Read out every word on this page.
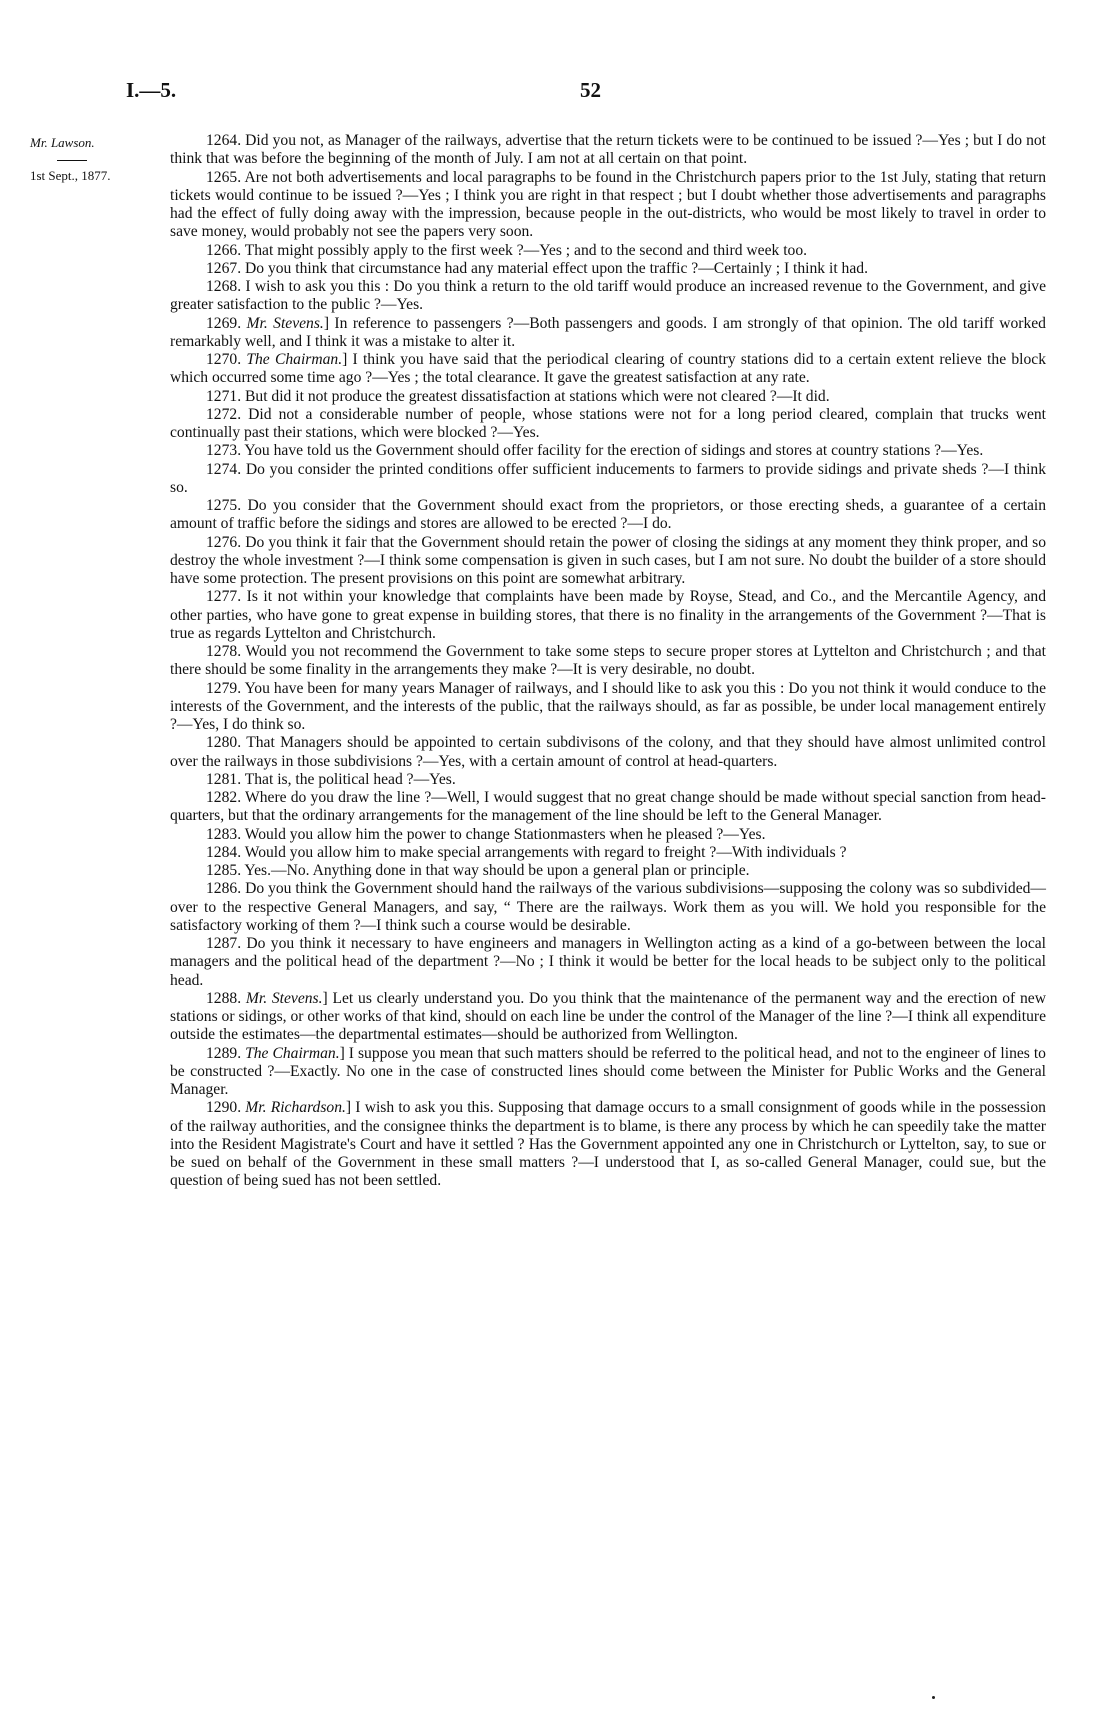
I.—5.	52
Mr. Lawson.
1st Sept., 1877.

1264. Did you not, as Manager of the railways, advertise that the return tickets were to be continued to be issued ?—Yes ; but I do not think that was before the beginning of the month of July. I am not at all certain on that point.

1265. Are not both advertisements and local paragraphs to be found in the Christchurch papers prior to the 1st July, stating that return tickets would continue to be issued ?—Yes ; I think you are right in that respect ; but I doubt whether those advertisements and paragraphs had the effect of fully doing away with the impression, because people in the out-districts, who would be most likely to travel in order to save money, would probably not see the papers very soon.

1266. That might possibly apply to the first week ?—Yes ; and to the second and third week too.

1267. Do you think that circumstance had any material effect upon the traffic ?—Certainly ; I think it had.

1268. I wish to ask you this : Do you think a return to the old tariff would produce an increased revenue to the Government, and give greater satisfaction to the public ?—Yes.

1269. Mr. Stevens.] In reference to passengers ?—Both passengers and goods. I am strongly of that opinion. The old tariff worked remarkably well, and I think it was a mistake to alter it.

1270. The Chairman.] I think you have said that the periodical clearing of country stations did to a certain extent relieve the block which occurred some time ago ?—Yes ; the total clearance. It gave the greatest satisfaction at any rate.

1271. But did it not produce the greatest dissatisfaction at stations which were not cleared ?—It did.

1272. Did not a considerable number of people, whose stations were not for a long period cleared, complain that trucks went continually past their stations, which were blocked ?—Yes.

1273. You have told us the Government should offer facility for the erection of sidings and stores at country stations ?—Yes.

1274. Do you consider the printed conditions offer sufficient inducements to farmers to provide sidings and private sheds ?—I think so.

1275. Do you consider that the Government should exact from the proprietors, or those erecting sheds, a guarantee of a certain amount of traffic before the sidings and stores are allowed to be erected ?—I do.

1276. Do you think it fair that the Government should retain the power of closing the sidings at any moment they think proper, and so destroy the whole investment ?—I think some compensation is given in such cases, but I am not sure. No doubt the builder of a store should have some protection. The present provisions on this point are somewhat arbitrary.

1277. Is it not within your knowledge that complaints have been made by Royse, Stead, and Co., and the Mercantile Agency, and other parties, who have gone to great expense in building stores, that there is no finality in the arrangements of the Government ?—That is true as regards Lyttelton and Christchurch.

1278. Would you not recommend the Government to take some steps to secure proper stores at Lyttelton and Christchurch ; and that there should be some finality in the arrangements they make ?—It is very desirable, no doubt.

1279. You have been for many years Manager of railways, and I should like to ask you this : Do you not think it would conduce to the interests of the Government, and the interests of the public, that the railways should, as far as possible, be under local management entirely ?—Yes, I do think so.

1280. That Managers should be appointed to certain subdivisons of the colony, and that they should have almost unlimited control over the railways in those subdivisions ?—Yes, with a certain amount of control at head-quarters.

1281. That is, the political head ?—Yes.

1282. Where do you draw the line ?—Well, I would suggest that no great change should be made without special sanction from head-quarters, but that the ordinary arrangements for the management of the line should be left to the General Manager.

1283. Would you allow him the power to change Stationmasters when he pleased ?—Yes.

1284. Would you allow him to make special arrangements with regard to freight ?—With individuals ?

1285. Yes.—No. Anything done in that way should be upon a general plan or principle.

1286. Do you think the Government should hand the railways of the various subdivisions—supposing the colony was so subdivided—over to the respective General Managers, and say, “ There are the railways. Work them as you will. We hold you responsible for the satisfactory working of them ?—I think such a course would be desirable.

1287. Do you think it necessary to have engineers and managers in Wellington acting as a kind of a go-between between the local managers and the political head of the department ?—No ; I think it would be better for the local heads to be subject only to the political head.

1288. Mr. Stevens.] Let us clearly understand you. Do you think that the maintenance of the permanent way and the erection of new stations or sidings, or other works of that kind, should on each line be under the control of the Manager of the line ?—I think all expenditure outside the estimates—the departmental estimates—should be authorized from Wellington.

1289. The Chairman.] I suppose you mean that such matters should be referred to the political head, and not to the engineer of lines to be constructed ?—Exactly. No one in the case of constructed lines should come between the Minister for Public Works and the General Manager.

1290. Mr. Richardson.] I wish to ask you this. Supposing that damage occurs to a small consignment of goods while in the possession of the railway authorities, and the consignee thinks the department is to blame, is there any process by which he can speedily take the matter into the Resident Magistrate's Court and have it settled ? Has the Government appointed any one in Christchurch or Lyttelton, say, to sue or be sued on behalf of the Government in these small matters ?—I understood that I, as so-called General Manager, could sue, but the question of being sued has not been settled.
